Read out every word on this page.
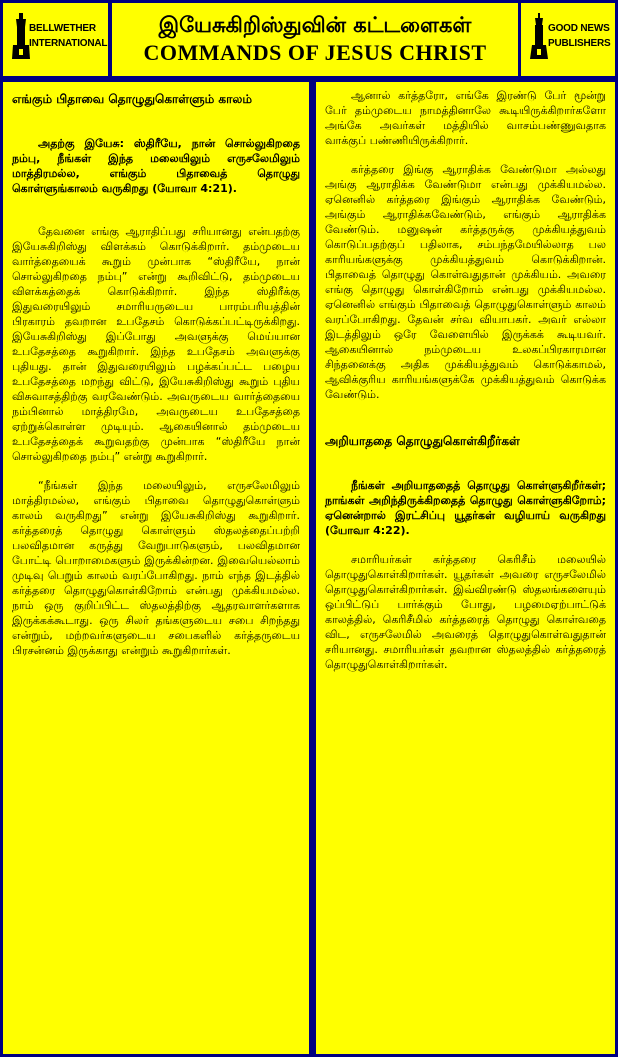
BELLWETHER
INTERNATIONAL
இயேசுகிறிஸ்துவின் கட்டளைகள்
COMMANDS OF JESUS CHRIST
GOOD NEWS
PUBLISHERS
எங்கும் பிதாவை தொழுதுகொள்ளும் காலம்

அதற்கு இயேசு: ஸ்திரீயே, நான் சொல்லுகிறதை நம்பு, நீங்கள் இந்த மலையிலும் எருசலேமிலும் மாத்திரமல்ல, எங்கும் பிதாவைத் தொழுது கொள்ளுங்காலம் வருகிறது (யோவா 4:21).

தேவனை எங்கு ஆராதிப்பது சரியானது என்பதற்கு இயேசுகிறிஸ்து விளக்கம் கொடுக்கிறார். தம்முடைய வார்த்தையைக் கூறும் முன்பாக “ஸ்திரீயே, நான் சொல்லுகிறதை நம்பு” என்று கூறிவிட்டு, தம்முடைய விளக்கத்தைக் கொடுக்கிறார். இந்த ஸ்திரீக்கு இதுவரையிலும் சமாரியருடைய பாரம்பரியத்தின் பிரகாரம் தவறான உபதேசம் கொடுக்கப்பட்டிருக்கிறது. இயேசுகிறிஸ்து இப்போது அவளுக்கு மெய்யான உபதேசத்தை கூறுகிறார். இந்த உபதேசம் அவளுக்கு புதியது. தான் இதுவரையிலும் பழக்கப்பட்ட பழைய உபதேசத்தை மறந்து விட்டு, இயேசுகிறிஸ்து கூறும் புதிய விசுவாசத்திற்கு வரவேண்டும். அவருடைய வார்த்தையை நம்பினால் மாத்திரமே, அவருடைய உபதேசத்தை ஏற்றுக்கொள்ள முடியும். ஆகையினால் தம்முடைய உபதேசத்தைக் கூறுவதற்கு முன்பாக “ஸ்திரீயே நான் சொல்லுகிறதை நம்பு” என்று கூறுகிறார்.

“நீங்கள் இந்த மலையிலும், எருசலேமிலும் மாத்திரமல்ல, எங்கும் பிதாவை தொழுதுகொள்ளும் காலம் வருகிறது” என்று இயேசுகிறிஸ்து கூறுகிறார். கர்த்தரைத் தொழுது கொள்ளும் ஸ்தலத்தைப்பற்றி பலவிதமான கருத்து வேறுபாடுகளும், பலவிதமான போட்டி பொறாமைகளும் இருக்கின்றன. இவையெல்லாம் முடிவு பெறும் காலம் வரப்போகிறது. நாம் எந்த இடத்தில் கர்த்தரை தொழுதுகொள்கிறோம் என்பது முக்கியமல்ல. நாம் ஒரு குறிப்பிட்ட ஸ்தலத்திற்கு ஆதரவாளர்களாக இருக்கக்கூடாது. ஒரு சிலர் தங்களுடைய சபை சிறந்தது என்றும், மற்றவர்களுடைய சபைகளில் கர்த்தருடைய பிரசன்னம் இருக்காது என்றும் கூறுகிறார்கள்.

ஆனால் கர்த்தரோ, எங்கே இரண்டு பேர் மூன்று பேர் தம்முடைய நாமத்தினாலே கூடியிருக்கிறார்களோ அங்கே அவர்கள் மத்தியில் வாசம்பண்ணுவதாக வாக்குப் பண்ணியிருக்கிறார்.

கர்த்தரை இங்கு ஆராதிக்க வேண்டுமா அல்லது அங்கு ஆராதிக்க வேண்டுமா என்பது முக்கியமல்ல. ஏனெனில் கர்த்தரை இங்கும் ஆராதிக்க வேண்டும், அங்கும் ஆராதிக்கவேண்டும், எங்கும் ஆராதிக்க வேண்டும். மனுஷன் கர்த்தருக்கு முக்கியத்துவம் கொடுப்பதற்குப் பதிலாக, சம்பந்தமேயில்லாத பல காரியங்களுக்கு முக்கியத்துவம் கொடுக்கிறான். பிதாவைத் தொழுது கொள்வதுதான் முக்கியம். அவரை எங்கு தொழுது கொள்கிறோம் என்பது முக்கியமல்ல. ஏனெனில் எங்கும் பிதாவைத் தொழுதுகொள்ளும் காலம் வரப்போகிறது. தேவன் சர்வ வியாபகர். அவர் எல்லா இடத்திலும் ஒரே வேளையில் இருக்கக் கூடியவர். ஆகையினால் நம்முடைய உலகப்பிரகாரமான சிந்தனைக்கு அதிக முக்கியத்துவம் கொடுக்காமல், ஆவிக்குரிய காரியங்களுக்கே முக்கியத்துவம் கொடுக்க வேண்டும்.

அறியாததை தொழுதுகொள்கிறீர்கள்

நீங்கள் அறியாததைத் தொழுது கொள்ளுகிறீர்கள்; நாங்கள் அறிந்திருக்கிறதைத் தொழுது கொள்ளுகிறோம்; ஏனென்றால் இரட்சிப்பு யூதர்கள் வழியாய் வருகிறது (யோவா 4:22).

சமாரியர்கள் கர்த்தரை கெரிசீம் மலையில் தொழுதுகொள்கிறார்கள். யூதர்கள் அவரை எருசலேமில் தொழுதுகொள்கிறார்கள். இவ்விரண்டு ஸ்தலங்களையும் ஒப்பிட்டுப் பார்க்கும் போது, பழமைஏற்பாட்டுக் காலத்தில், கெரிசீமில் கர்த்தரைத் தொழுது கொள்வதை விட, எருசலேமில் அவரைத் தொழுதுகொள்வதுதான் சரியானது. சமாரியர்கள் தவறான ஸ்தலத்தில் கர்த்தரைத் தொழுதுகொள்கிறார்கள்.
